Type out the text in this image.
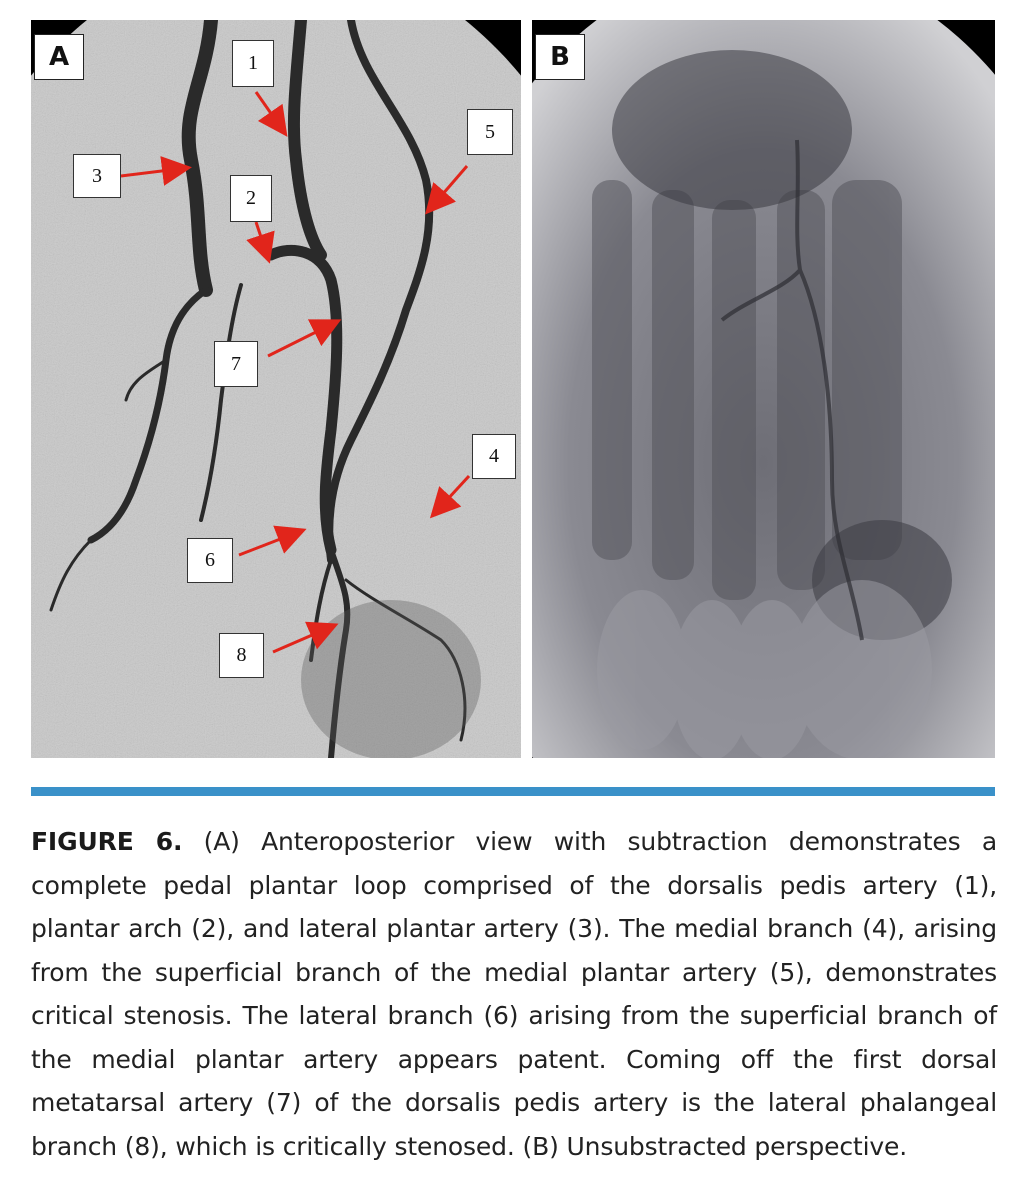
A	1
2
3
4
5
6
7
8
B
FIGURE 6. (A) Anteroposterior view with subtraction demonstrates a complete pedal plantar loop comprised of the dorsalis pedis artery (1), plantar arch (2), and lateral plantar artery (3). The medial branch (4), arising from the superficial branch of the medial plantar artery (5), demonstrates critical stenosis. The lateral branch (6) arising from the superficial branch of the medial plantar artery appears patent. Coming off the first dorsal metatarsal artery (7) of the dorsalis pedis artery is the lateral phalangeal branch (8), which is critically stenosed. (B) Unsubstracted perspective.
